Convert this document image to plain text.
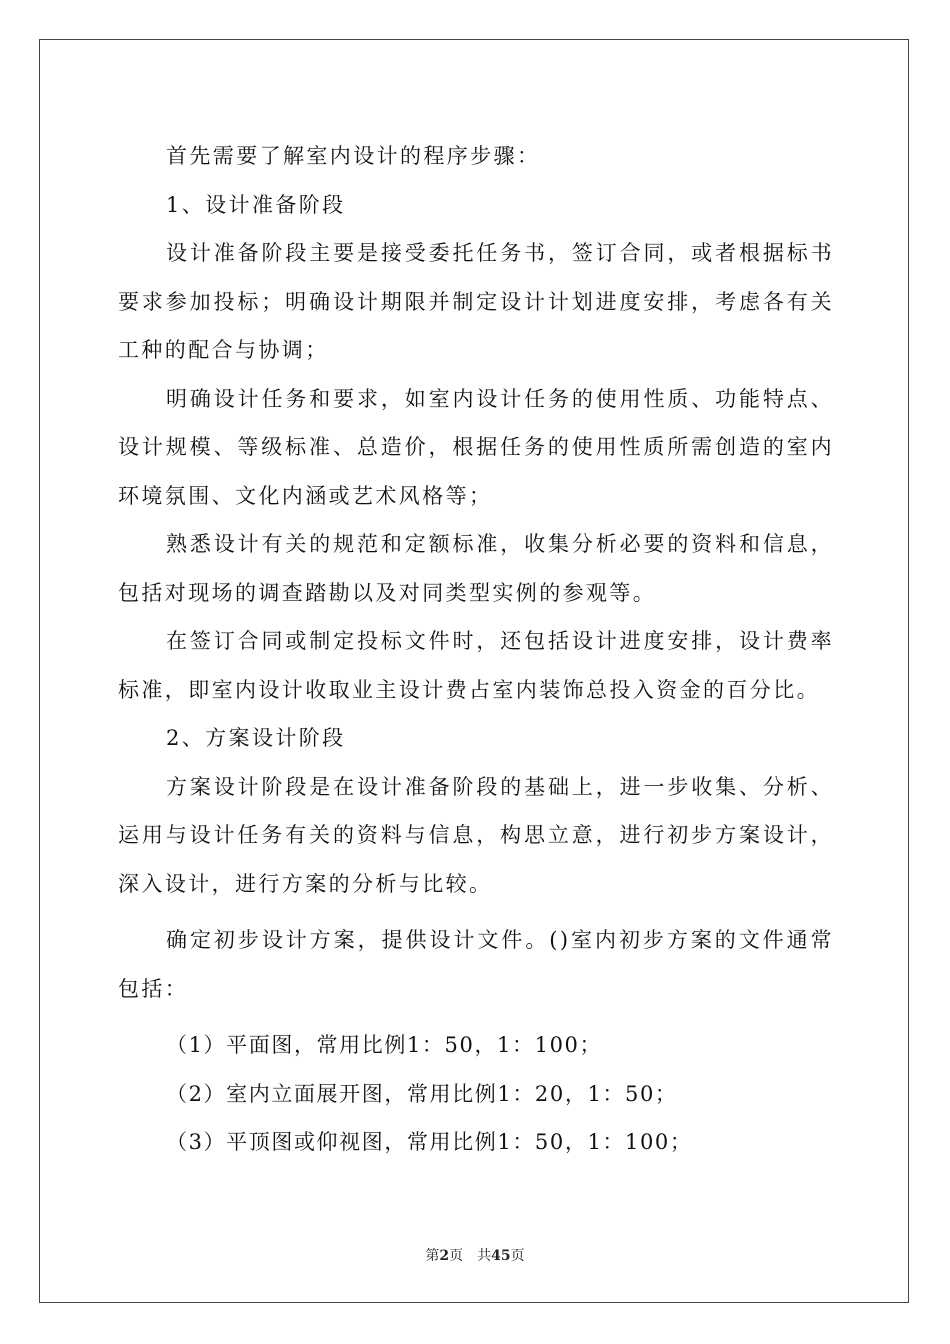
首先需要了解室内设计的程序步骤：

1、设计准备阶段

设计准备阶段主要是接受委托任务书，签订合同，或者根据标书要求参加投标；明确设计期限并制定设计计划进度安排，考虑各有关工种的配合与协调；

明确设计任务和要求，如室内设计任务的使用性质、功能特点、设计规模、等级标准、总造价，根据任务的使用性质所需创造的室内环境氛围、文化内涵或艺术风格等；

熟悉设计有关的规范和定额标准，收集分析必要的资料和信息，包括对现场的调查踏勘以及对同类型实例的参观等。

在签订合同或制定投标文件时，还包括设计进度安排，设计费率标准，即室内设计收取业主设计费占室内装饰总投入资金的百分比。

2、方案设计阶段

方案设计阶段是在设计准备阶段的基础上，进一步收集、分析、运用与设计任务有关的资料与信息，构思立意，进行初步方案设计，深入设计，进行方案的分析与比较。

确定初步设计方案，提供设计文件。()室内初步方案的文件通常包括：

（1）平面图，常用比例1：50，1：100；

（2）室内立面展开图，常用比例1：20，1：50；

（3）平顶图或仰视图，常用比例1：50，1：100；

第2页 共45页
